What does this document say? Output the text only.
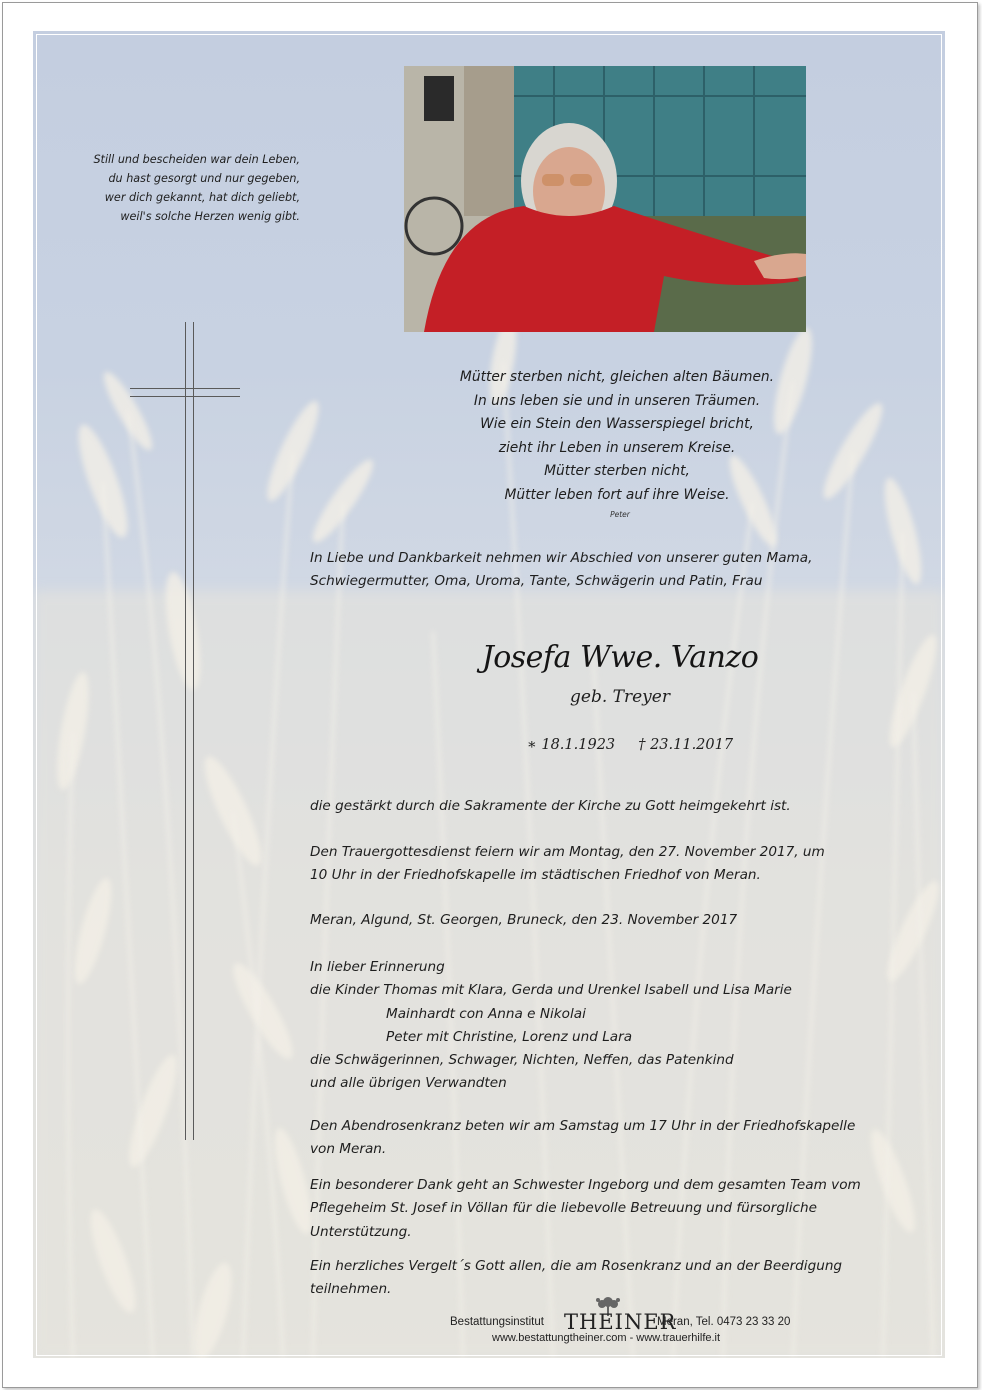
Still und bescheiden war dein Leben,
du hast gesorgt und nur gegeben,
wer dich gekannt, hat dich geliebt,
weil's solche Herzen wenig gibt.
Mütter sterben nicht, gleichen alten Bäumen.
In uns leben sie und in unseren Träumen.
Wie ein Stein den Wasserspiegel bricht,
zieht ihr Leben in unserem Kreise.
Mütter sterben nicht,
Mütter leben fort auf ihre Weise.
Peter
In Liebe und Dankbarkeit nehmen wir Abschied von unserer guten Mama,
Schwiegermutter, Oma, Uroma, Tante, Schwägerin und Patin, Frau
Josefa Wwe. Vanzo
geb. Treyer
∗ 18.1.1923 † 23.11.2017
die gestärkt durch die Sakramente der Kirche zu Gott heimgekehrt ist.
Den Trauergottesdienst feiern wir am Montag, den 27. November 2017, um
10 Uhr in der Friedhofskapelle im städtischen Friedhof von Meran.
Meran, Algund, St. Georgen, Bruneck, den 23. November 2017
In lieber Erinnerung
die Kinder Thomas mit Klara, Gerda und Urenkel Isabell und Lisa Marie
Mainhardt con Anna e Nikolai
Peter mit Christine, Lorenz und Lara
die Schwägerinnen, Schwager, Nichten, Neffen, das Patenkind
und alle übrigen Verwandten
Den Abendrosenkranz beten wir am Samstag um 17 Uhr in der Friedhofskapelle
von Meran.
Ein besonderer Dank geht an Schwester Ingeborg und dem gesamten Team vom
Pflegeheim St. Josef in Völlan für die liebevolle Betreuung und fürsorgliche
Unterstützung.
Ein herzliches Vergelt´s Gott allen, die am Rosenkranz und an der Beerdigung
teilnehmen.
Bestattungsinstitut THEINER
Meran, Tel. 0473 23 33 20
www.bestattungtheiner.com - www.trauerhilfe.it
